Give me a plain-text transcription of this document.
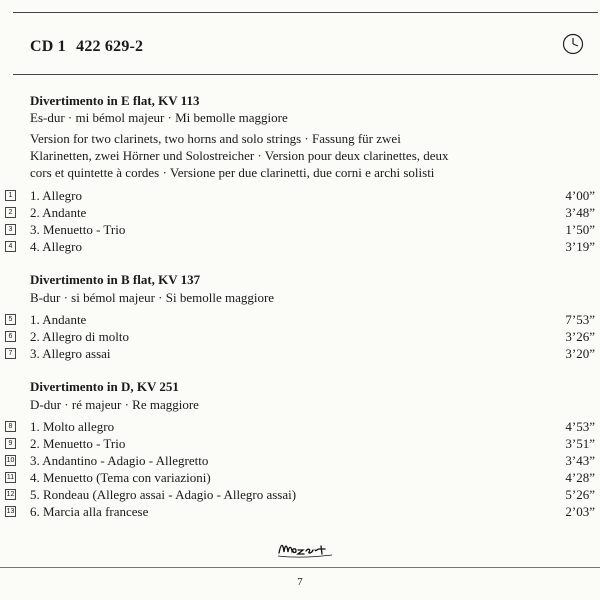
CD 1 422 629-2
Divertimento in E flat, KV 113
Es-dur · mi bémol majeur · Mi bemolle maggiore
Version for two clarinets, two horns and solo strings · Fassung für zwei
Klarinetten, zwei Hörner und Solostreicher · Version pour deux clarinettes, deux
cors et quintette à cordes · Versione per due clarinetti, due corni e archi solisti
1 1. Allegro	4’00”
2 2. Andante	3’48”
3 3. Menuetto - Trio	1’50”
4 4. Allegro	3’19”
Divertimento in B flat, KV 137
B-dur · si bémol majeur · Si bemolle maggiore
5 1. Andante	7’53”
6 2. Allegro di molto	3’26”
7 3. Allegro assai	3’20”
Divertimento in D, KV 251
D-dur · ré majeur · Re maggiore
8 1. Molto allegro	4’53”
9 2. Menuetto - Trio	3’51”
10 3. Andantino - Adagio - Allegretto	3’43”
11 4. Menuetto (Tema con variazioni)	4’28”
12 5. Rondeau (Allegro assai - Adagio - Allegro assai)	5’26”
13 6. Marcia alla francese	2’03”
7
